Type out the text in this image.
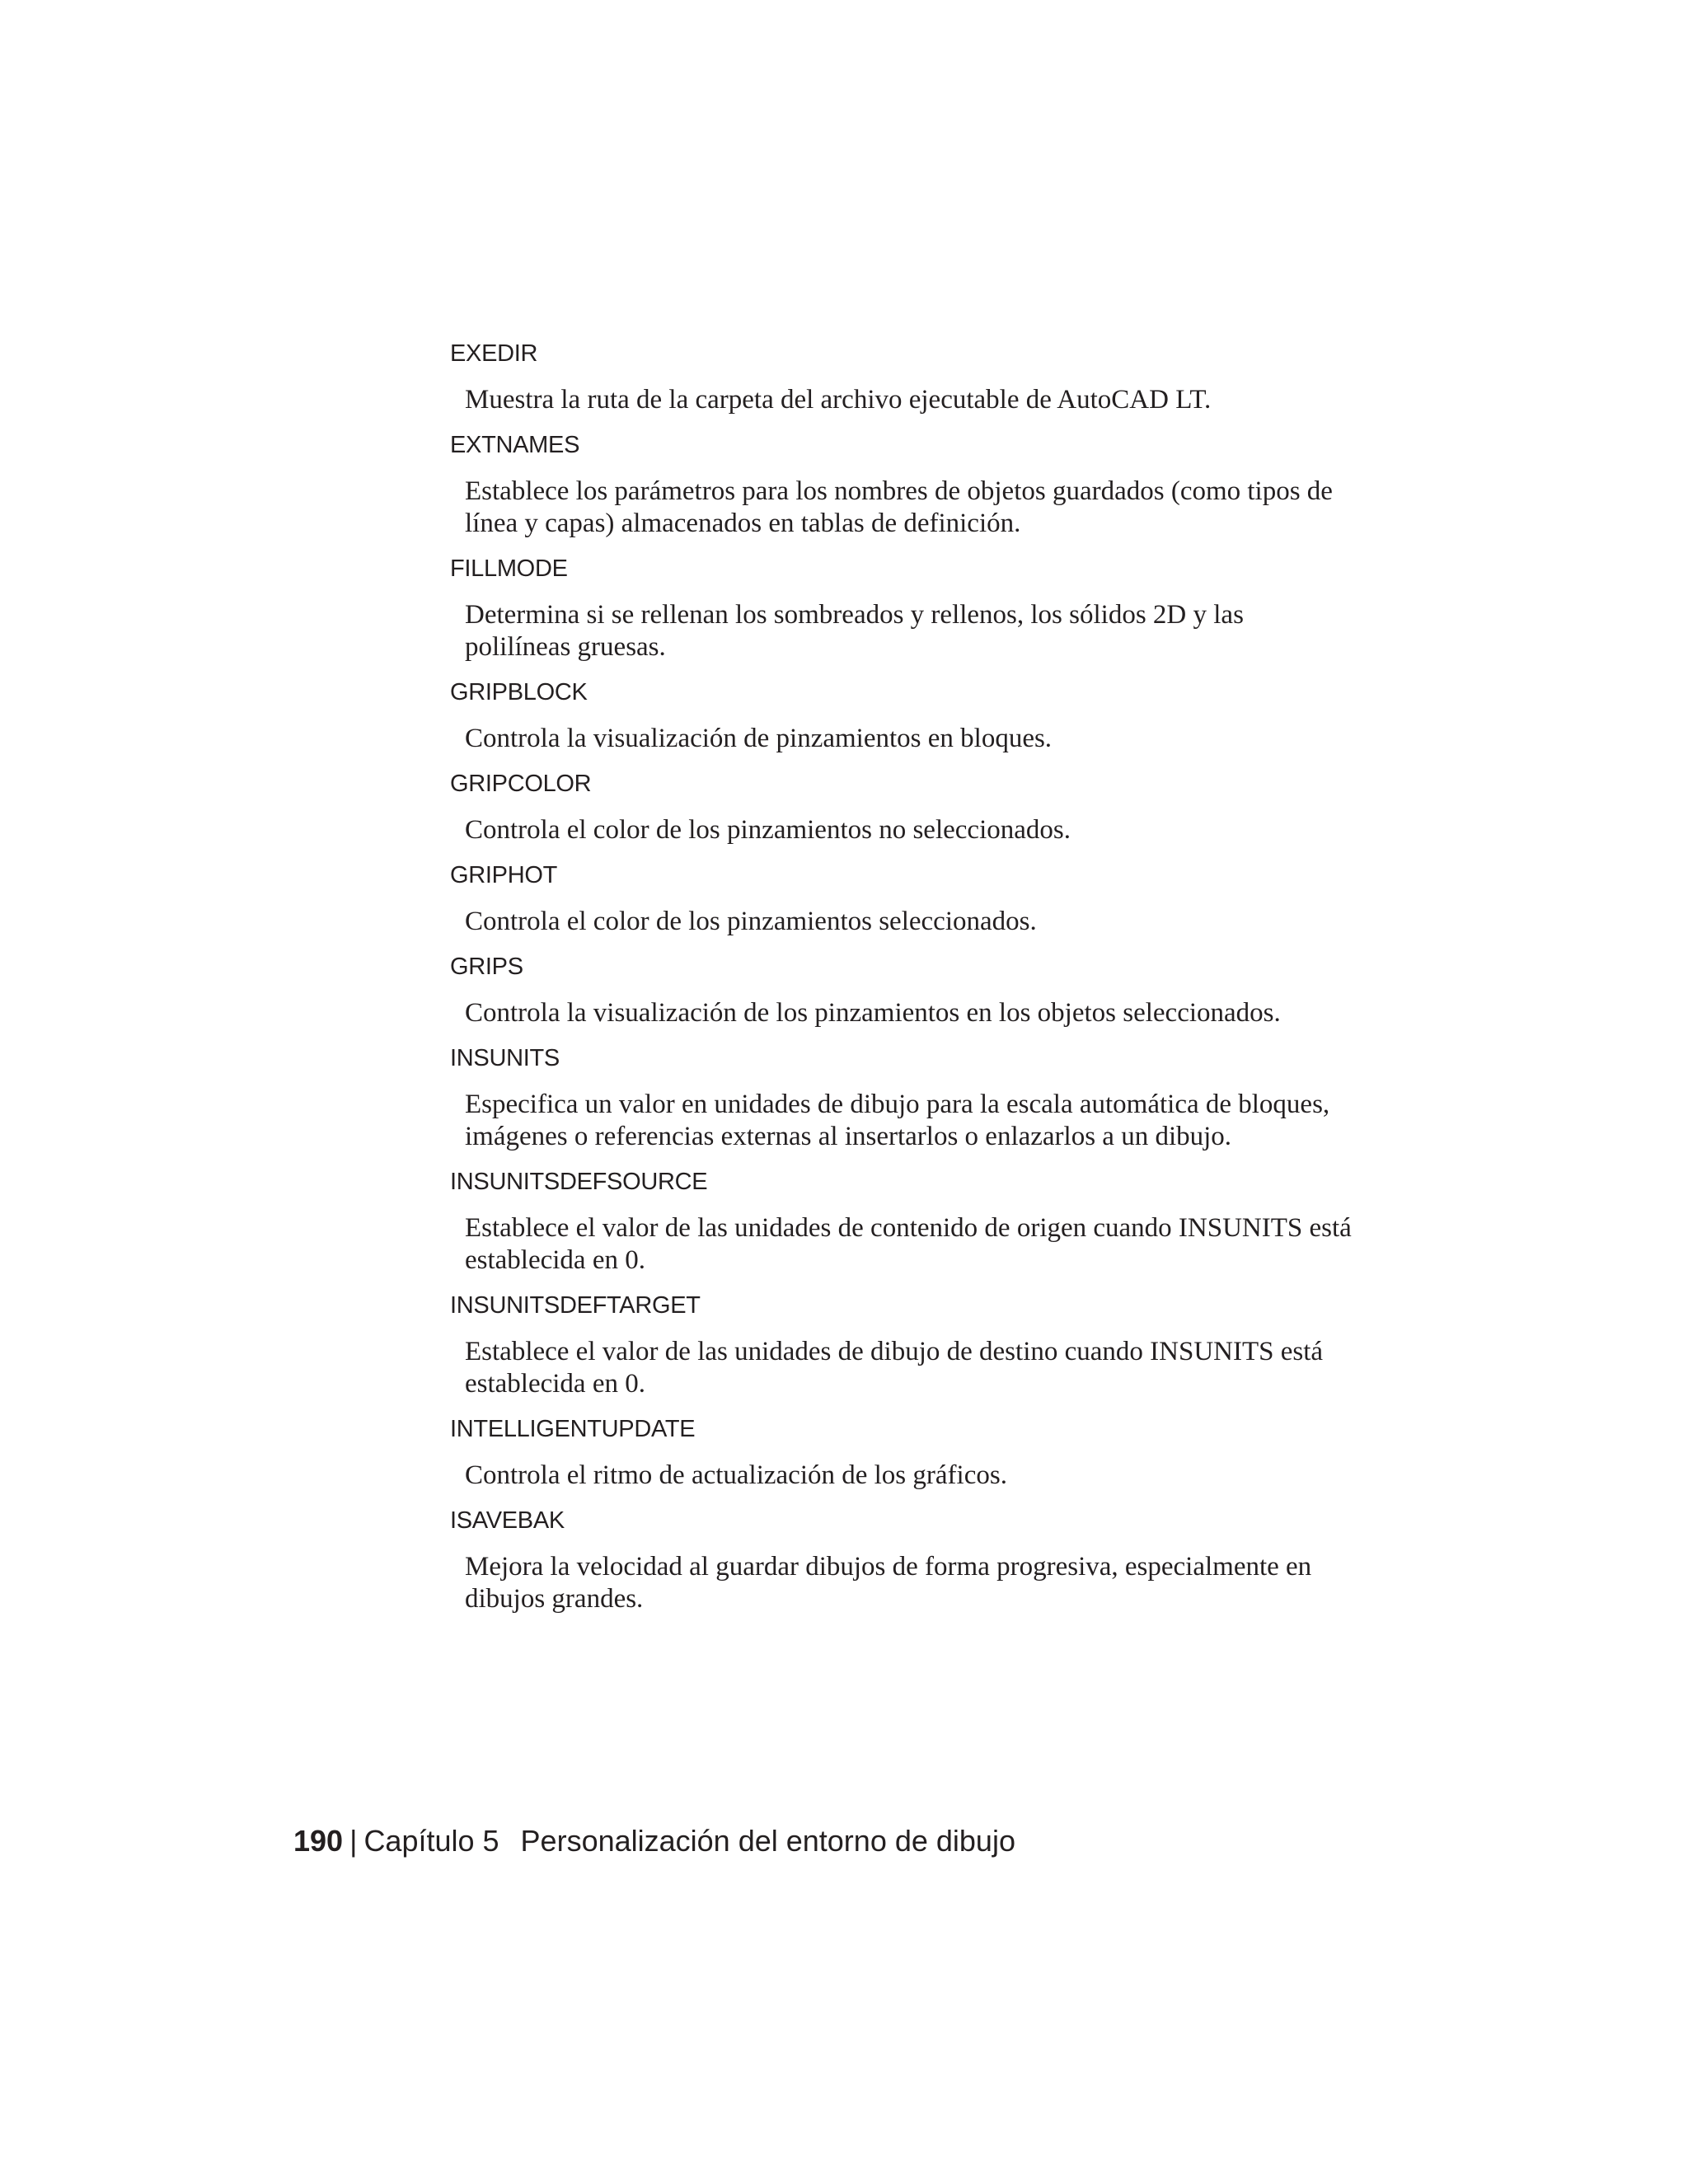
EXEDIR

Muestra la ruta de la carpeta del archivo ejecutable de AutoCAD LT.

EXTNAMES

Establece los parámetros para los nombres de objetos guardados (como tipos de línea y capas) almacenados en tablas de definición.

FILLMODE

Determina si se rellenan los sombreados y rellenos, los sólidos 2D y las polilíneas gruesas.

GRIPBLOCK

Controla la visualización de pinzamientos en bloques.

GRIPCOLOR

Controla el color de los pinzamientos no seleccionados.

GRIPHOT

Controla el color de los pinzamientos seleccionados.

GRIPS

Controla la visualización de los pinzamientos en los objetos seleccionados.

INSUNITS

Especifica un valor en unidades de dibujo para la escala automática de bloques, imágenes o referencias externas al insertarlos o enlazarlos a un dibujo.

INSUNITSDEFSOURCE

Establece el valor de las unidades de contenido de origen cuando INSUNITS está establecida en 0.

INSUNITSDEFTARGET

Establece el valor de las unidades de dibujo de destino cuando INSUNITS está establecida en 0.

INTELLIGENTUPDATE

Controla el ritmo de actualización de los gráficos.

ISAVEBAK

Mejora la velocidad al guardar dibujos de forma progresiva, especialmente en dibujos grandes.

190 | Capítulo 5 Personalización del entorno de dibujo
